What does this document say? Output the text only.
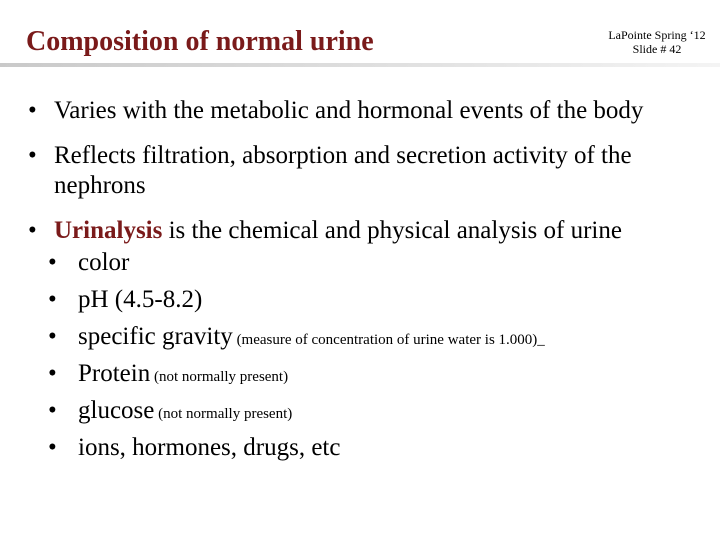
Composition of normal urine	LaPointe Spring ‘12
Slide # 42
• Varies with the metabolic and hormonal events of the body
• Reflects filtration, absorption and secretion activity of the nephrons
• Urinalysis is the chemical and physical analysis of urine
• color
• pH (4.5-8.2)
• specific gravity (measure of concentration of urine water is 1.000)_
• Protein (not normally present)
• glucose (not normally present)
• ions, hormones, drugs, etc
